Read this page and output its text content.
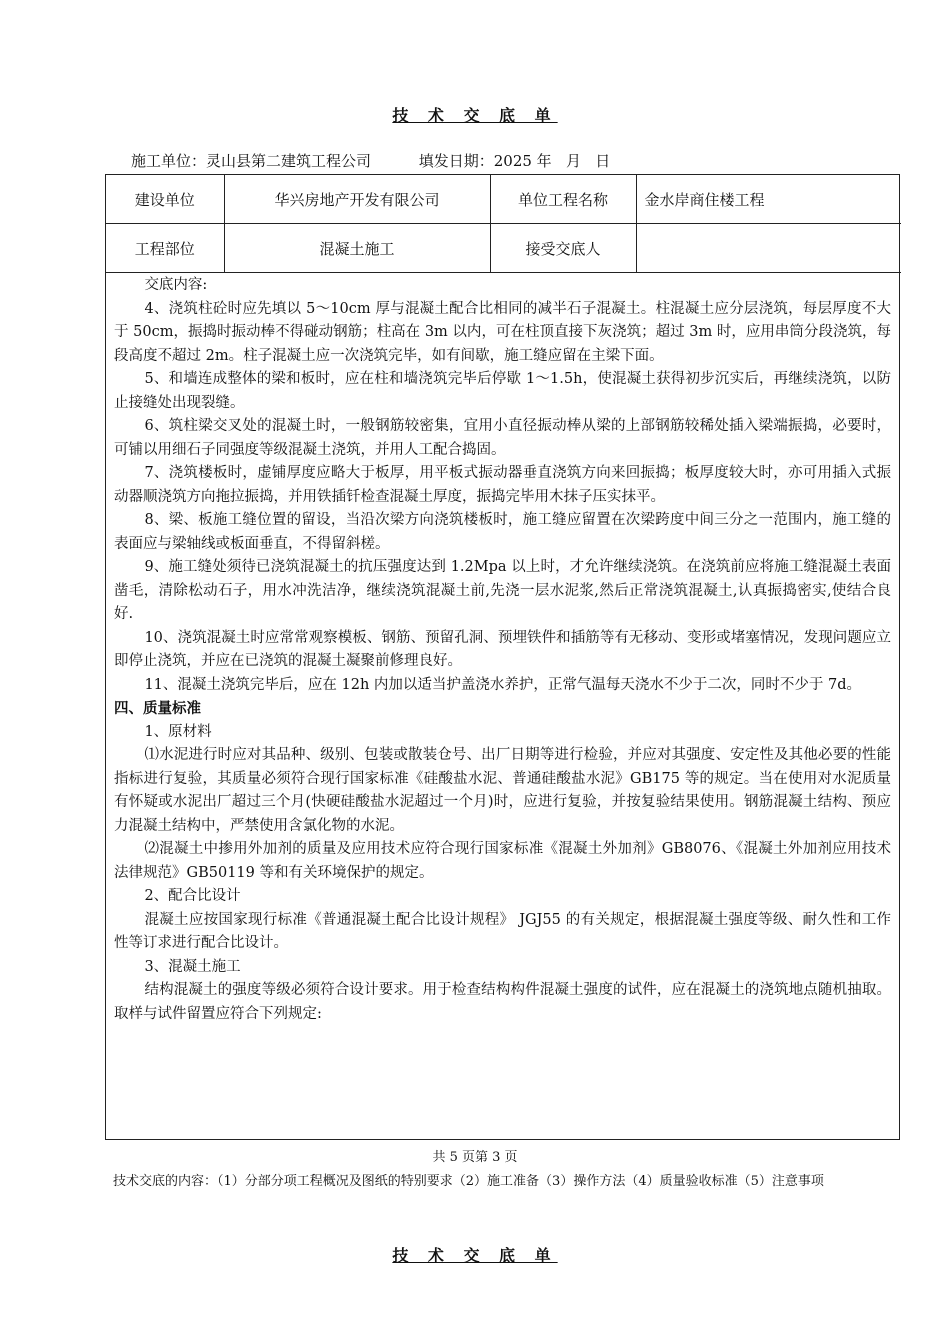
技 术 交 底 单
施工单位：灵山县第二建筑工程公司	填发日期：2025 年   月   日
建设单位	华兴房地产开发有限公司	单位工程名称	金水岸商住楼工程
工程部位	混凝土施工	接受交底人	

交底内容:

4、浇筑柱砼时应先填以 5～10cm 厚与混凝土配合比相同的减半石子混凝土。柱混凝土应分层浇筑，每层厚度不大于 50cm，振捣时振动棒不得碰动钢筋；柱高在 3m 以内，可在柱顶直接下灰浇筑；超过 3m 时，应用串筒分段浇筑，每段高度不超过 2m。柱子混凝土应一次浇筑完毕，如有间歇，施工缝应留在主梁下面。

5、和墙连成整体的梁和板时，应在柱和墙浇筑完毕后停歇 1～1.5h，使混凝土获得初步沉实后，再继续浇筑，以防止接缝处出现裂缝。

6、筑柱梁交叉处的混凝土时，一般钢筋较密集，宜用小直径振动棒从梁的上部钢筋较稀处插入梁端振捣，必要时，可铺以用细石子同强度等级混凝土浇筑，并用人工配合捣固。

7、浇筑楼板时，虚铺厚度应略大于板厚，用平板式振动器垂直浇筑方向来回振捣；板厚度较大时，亦可用插入式振动器顺浇筑方向拖拉振捣，并用铁插钎检查混凝土厚度，振捣完毕用木抹子压实抹平。

8、梁、板施工缝位置的留设，当沿次梁方向浇筑楼板时，施工缝应留置在次梁跨度中间三分之一范围内，施工缝的表面应与梁轴线或板面垂直，不得留斜槎。

9、施工缝处须待已浇筑混凝土的抗压强度达到 1.2Mpa 以上时，才允许继续浇筑。在浇筑前应将施工缝混凝土表面凿毛，清除松动石子，用水冲洗洁净，继续浇筑混凝土前,先浇一层水泥浆,然后正常浇筑混凝土,认真振捣密实,使结合良好.

10、浇筑混凝土时应常常观察模板、钢筋、预留孔洞、预埋铁件和插筋等有无移动、变形或堵塞情况，发现问题应立即停止浇筑，并应在已浇筑的混凝土凝聚前修理良好。

11、混凝土浇筑完毕后，应在 12h 内加以适当护盖浇水养护，正常气温每天浇水不少于二次，同时不少于 7d。

四、质量标准

1、原材料

⑴水泥进行时应对其品种、级别、包装或散装仓号、出厂日期等进行检验，并应对其强度、安定性及其他必要的性能指标进行复验，其质量必须符合现行国家标准《硅酸盐水泥、普通硅酸盐水泥》GB175 等的规定。当在使用对水泥质量有怀疑或水泥出厂超过三个月(快硬硅酸盐水泥超过一个月)时，应进行复验，并按复验结果使用。钢筋混凝土结构、预应力混凝土结构中，严禁使用含氯化物的水泥。

⑵混凝土中掺用外加剂的质量及应用技术应符合现行国家标准《混凝土外加剂》GB8076、《混凝土外加剂应用技术法律规范》GB50119 等和有关环境保护的规定。

2、配合比设计

混凝土应按国家现行标准《普通混凝土配合比设计规程》 JGJ55 的有关规定，根据混凝土强度等级、耐久性和工作性等订求进行配合比设计。

3、混凝土施工

结构混凝土的强度等级必须符合设计要求。用于检查结构构件混凝土强度的试件，应在混凝土的浇筑地点随机抽取。取样与试件留置应符合下列规定:

共 5 页第 3 页
技术交底的内容：（1）分部分项工程概况及图纸的特别要求（2）施工准备（3）操作方法（4）质量验收标准（5）注意事项
技 术 交 底 单
